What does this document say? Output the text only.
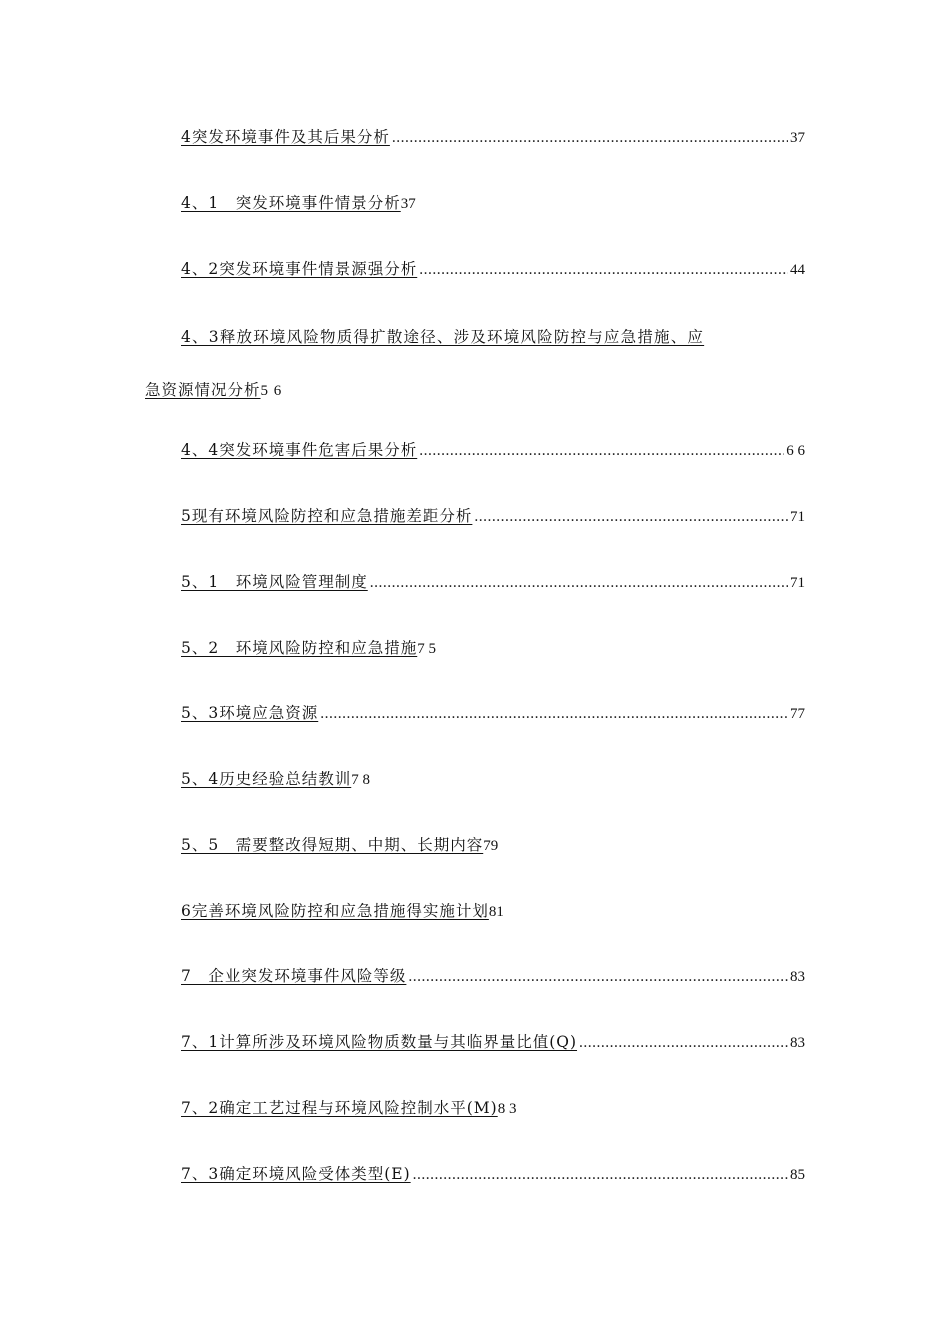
4突发环境事件及其后果分析 .....	37
4、1　突发环境事件情景分析 37
4、2突发环境事件情景源强分析 .....	44
4、3释放环境风险物质得扩散途径、涉及环境风险防控与应急措施、应
急资源情况分析5 6
4、4突发环境事件危害后果分析 .....	6 6
5现有环境风险防控和应急措施差距分析 .....	71
5、1　环境风险管理制度 .....	71
5、2　环境风险防控和应急措施 7 5
5、3环境应急资源 .....	77
5、4历史经验总结教训 7 8
5、5　需要整改得短期、中期、长期内容 79
6完善环境风险防控和应急措施得实施计划 81
7　企业突发环境事件风险等级 .....	83
7、1计算所涉及环境风险物质数量与其临界量比值(Q) .....	83
7、2确定工艺过程与环境风险控制水平(M) 8 3
7、3确定环境风险受体类型(E) .....	85
